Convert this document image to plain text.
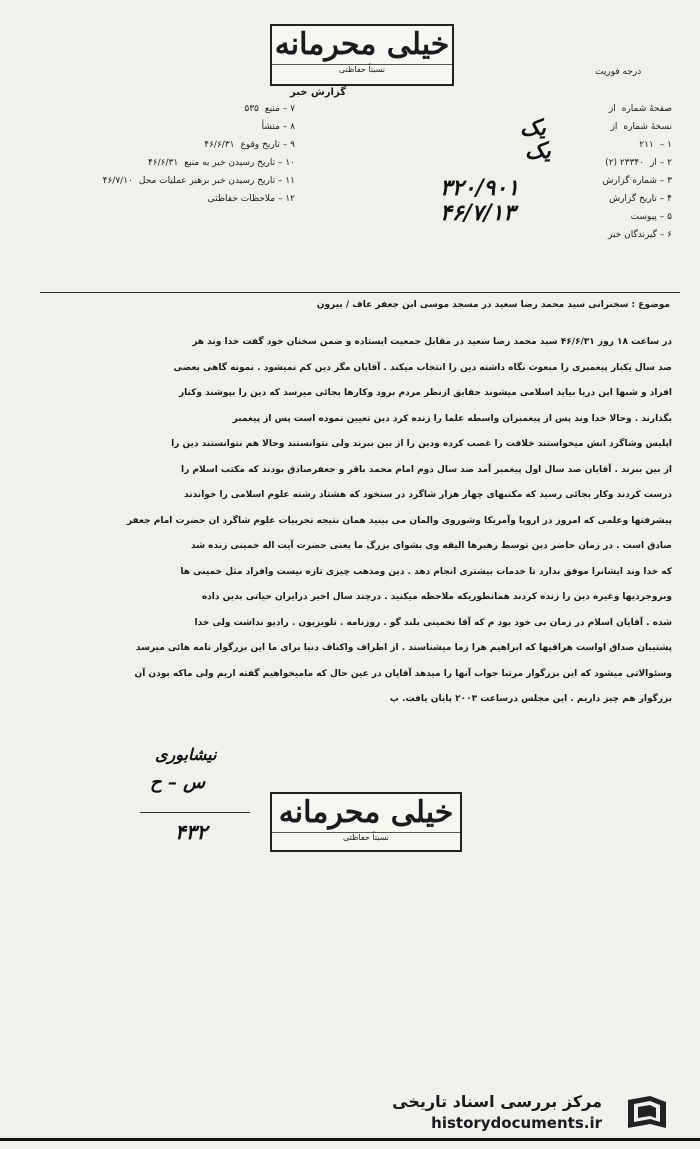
خیلی محرمانه
نسبتاً حفاظتی	درجه فوریت
گزارش خبر
صفحهٔ شماره
از
نسخهٔ شماره
از
۱ –
۲۱۱
۲ – از
۲۳۳۴۰ (۲)
۳ – شماره گزارش
۴ – تاریخ گزارش
۵ – پیوست
۶ – گیرندگان خبر
۷ – منبع
۵۳۵
۸ – منشأ
۹ – تاریخ وقوع
۴۶/۶/۳۱
۱۰ – تاریخ رسیدن خبر به منبع
۴۶/۶/۳۱
۱۱ – تاریخ رسیدن خبر برهبر عملیات محل
۴۶/۷/۱۰
۱۲ – ملاحظات حفاظتی
یک
یک
۳۲۰/۹۰۱
۴۶/۷/۱۳
موضوع : سخنرانی سید محمد رضا سعید در مسجد موسی ابن جعفر عاف / بیرون
در ساعت ۱۸ روز ۴۶/۶/۳۱ سید محمد رضا سعید در مقابل جمعیت ایستاده و ضمن سخنان خود گفت خدا وند هر
صد سال یکبار پیغمبری را مبعوث نگاه داشته دین را انتخاب میکند . آقایان مگر دین کم نمیشود . نمونه گاهی بعضی
افراد و شبها این دریا بیاید اسلامی میشوند حقایق ازنظر مردم برود وکارها بجائی میرسد که دین را بپوشند وکنار
بگذارند . وحالا خدا وند پس از پیغمبران واسطه علما را زنده کرد دین تعیین نموده است پس از پیغمبر
ابلیس وشاگرد انش میخواستند خلافت را غصب کرده ودین را از بین ببرند ولی نتوانستند وحالا هم نتوانستند دین را
از بین ببرند . آقایان صد سال اول پیغمبر آمد صد سال دوم امام محمد باقر و جعفرصادق بودند که مکتب اسلام را
درست کردند وکار بجائی رسید که مکتبهای چهار هزار شاگرد در سنخود که هشتاد رشته علوم اسلامی را خواندند
پیشرفتها وعلمی که امروز در اروپا وآمریکا وشوروی والمان می بینید همان نتیجه تجربیات علوم شاگرد ان حضرت امام جعفر
صادق است . در زمان حاضر دین توسط رهبرها الیقه وی بشوای بزرگ ما یعنی حضرت آیت اله خمینی زنده شد
که خدا وند ایشانرا موفق بدارد تا خدمات بیشتری انجام دهد . دین ومذهب چیزی تازه نیست وافراد مثل خمینی ها
وبروجردیها وغیره دین را زنده کردند همانطوریکه ملاحظه میکنید . درچند سال اخیر درایران حیاتی بدین داده
شده . آقایان اسلام در زمان بی خود بود م که آقا نخمینی بلند گو . روزنامه . تلویزیون . رادیو نداشت ولی خدا
پشتیبان صداق اواست هراقیها که ابراهیم هرا زما میشناسند . از اطراف واکناف دنیا برای ما این بزرگوار نامه هائی میرسد
وسئوالاتی میشود که این بزرگوار مرتبا جواب آنها را میدهد آقایان در عین حال که مامیخواهیم گفته اریم ولی ماکه بودن آن
بزرگوار هم چیز داریم . این مجلس درساعت ۲۰۰۳ پایان یافت. پ
نیشابوری
س – ح
۴۳۲
خیلی محرمانه
نسبتاً حفاظتی
مرکز بررسی اسناد تاریخی
historydocuments.ir
